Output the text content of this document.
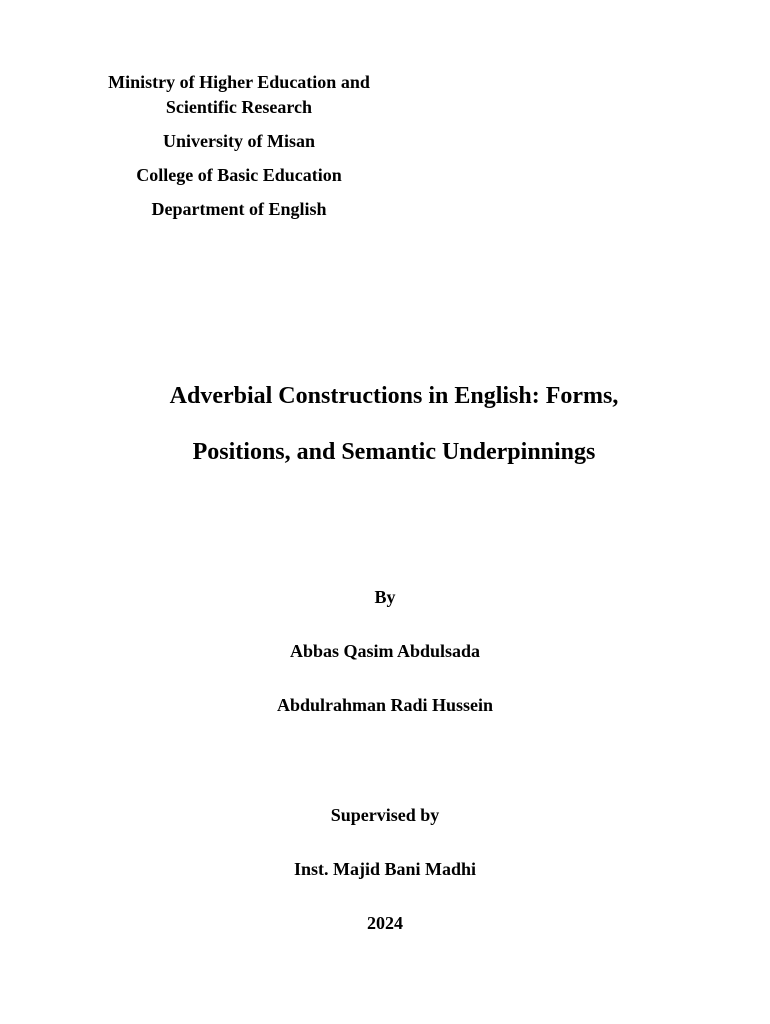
Ministry of Higher Education and
Scientific Research
University of Misan
College of Basic Education
Department of English
Adverbial Constructions in English: Forms,
Positions, and Semantic Underpinnings
By
Abbas Qasim Abdulsada
Abdulrahman Radi Hussein
Supervised by
Inst. Majid Bani Madhi
2024
